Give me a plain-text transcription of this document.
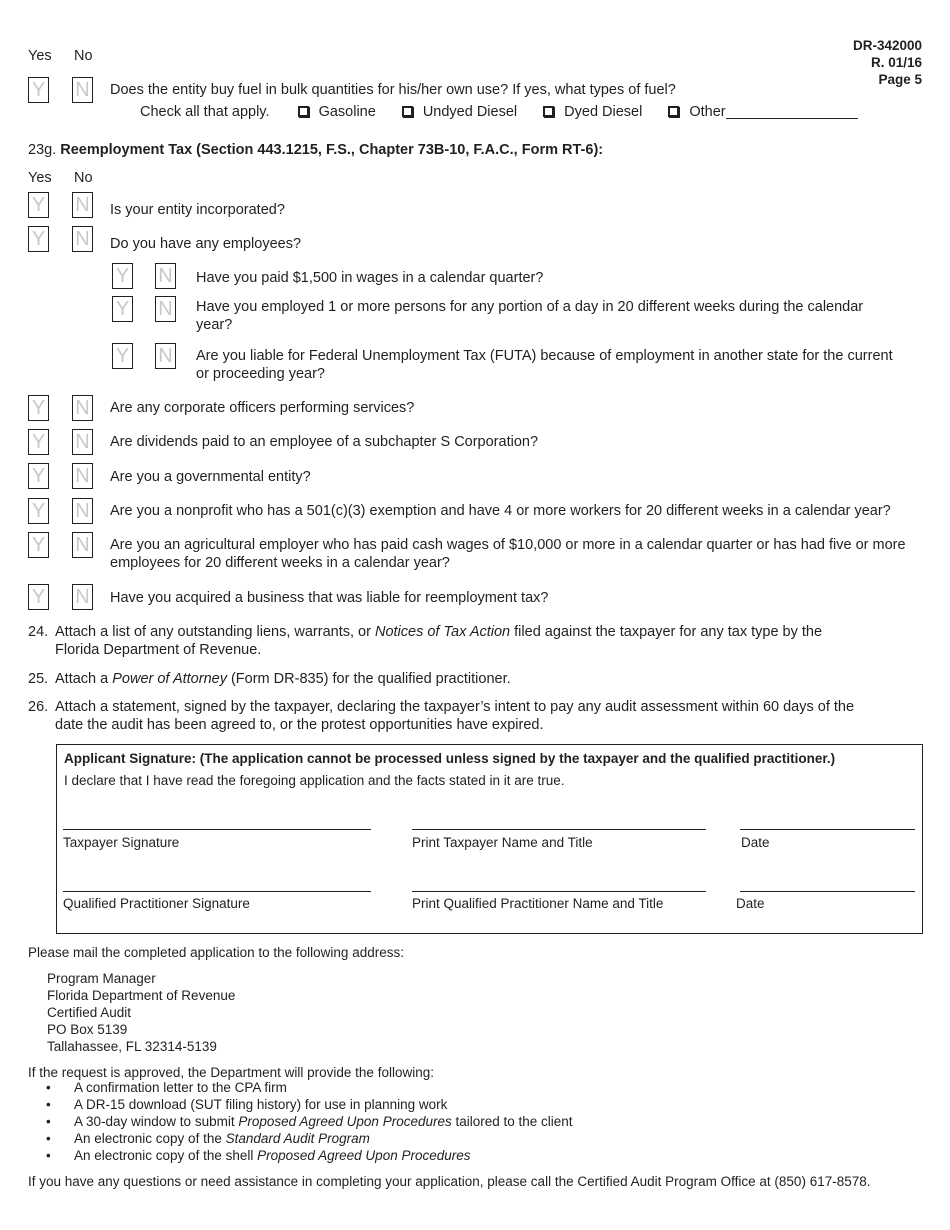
DR-342000
R. 01/16
Page 5
Yes No
Y N Does the entity buy fuel in bulk quantities for his/her own use? If yes, what types of fuel?
Check all that apply.	Gasoline	Undyed Diesel	Dyed Diesel	Other
23g. Reemployment Tax (Section 443.1215, F.S., Chapter 73B-10, F.A.C., Form RT-6):
Yes No
Y N Is your entity incorporated?
Y N Do you have any employees?
Y N Have you paid $1,500 in wages in a calendar quarter?
Y N Have you employed 1 or more persons for any portion of a day in 20 different weeks during the calendar year?
Y N Are you liable for Federal Unemployment Tax (FUTA) because of employment in another state for the current or proceeding year?
Y N Are any corporate officers performing services?
Y N Are dividends paid to an employee of a subchapter S Corporation?
Y N Are you a governmental entity?
Y N Are you a nonprofit who has a 501(c)(3) exemption and have 4 or more workers for 20 different weeks in a calendar year?
Y N Are you an agricultural employer who has paid cash wages of $10,000 or more in a calendar quarter or has had five or more employees for 20 different weeks in a calendar year?
Y N Have you acquired a business that was liable for reemployment tax?
24. Attach a list of any outstanding liens, warrants, or Notices of Tax Action filed against the taxpayer for any tax type by the
Florida Department of Revenue.
25. Attach a Power of Attorney (Form DR-835) for the qualified practitioner.
26. Attach a statement, signed by the taxpayer, declaring the taxpayer’s intent to pay any audit assessment within 60 days of the
date the audit has been agreed to, or the protest opportunities have expired.
Applicant Signature: (The application cannot be processed unless signed by the taxpayer and the qualified practitioner.)
I declare that I have read the foregoing application and the facts stated in it are true.
Taxpayer Signature	Print Taxpayer Name and Title	Date
Qualified Practitioner Signature	Print Qualified Practitioner Name and Title	Date
Please mail the completed application to the following address:
Program Manager
Florida Department of Revenue
Certified Audit
PO Box 5139
Tallahassee, FL 32314-5139
If the request is approved, the Department will provide the following:
• A confirmation letter to the CPA firm
• A DR-15 download (SUT filing history) for use in planning work
• A 30-day window to submit Proposed Agreed Upon Procedures tailored to the client
• An electronic copy of the Standard Audit Program
• An electronic copy of the shell Proposed Agreed Upon Procedures
If you have any questions or need assistance in completing your application, please call the Certified Audit Program Office at (850) 617-8578.
